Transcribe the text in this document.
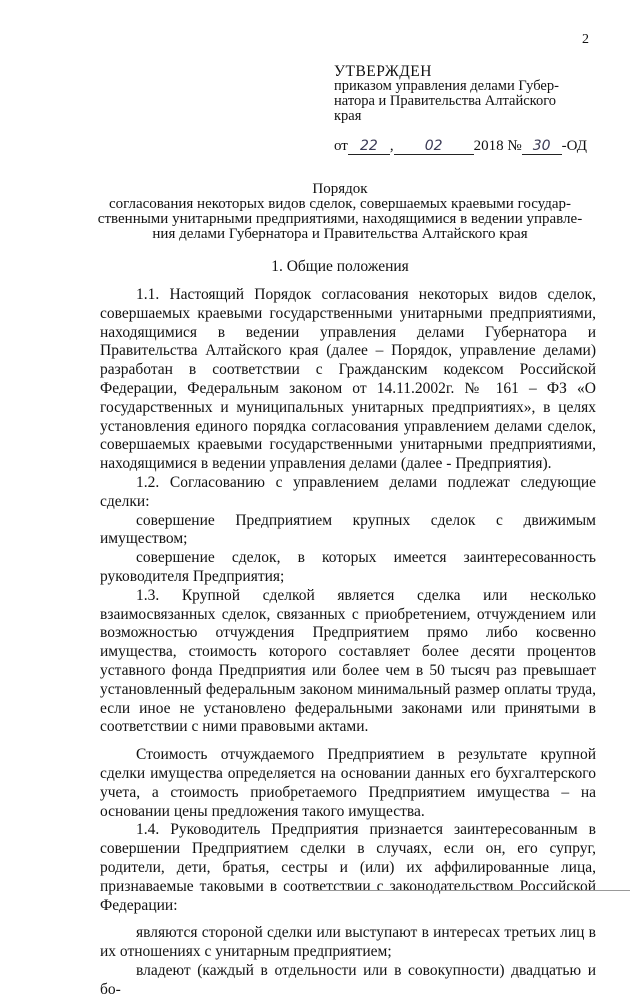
2
УТВЕРЖДЕН
приказом управления делами Губер-
натора и Правительства Алтайского
края
от 22 , 02 2018 № 30 -ОД
Порядок
согласования некоторых видов сделок, совершаемых краевыми государ-
ственными унитарными предприятиями, находящимися в ведении управле-
ния делами Губернатора и Правительства Алтайского края
1. Общие положения

1.1. Настоящий Порядок согласования некоторых видов сделок, совершаемых краевыми государственными унитарными предприятиями, находящимися в ведении управления делами Губернатора и Правительства Алтайского края (далее – Порядок, управление делами) разработан в соответствии с Гражданским кодексом Российской Федерации, Федеральным законом от 14.11.2002г. № 161 – ФЗ «О государственных и муниципальных унитарных предприятиях», в целях установления единого порядка согласования управлением делами сделок, совершаемых краевыми государственными унитарными предприятиями, находящимися в ведении управления делами (далее - Предприятия).

1.2. Согласованию с управлением делами подлежат следующие сделки:

совершение Предприятием крупных сделок с движимым имуществом;

совершение сделок, в которых имеется заинтересованность руководителя Предприятия;

1.3. Крупной сделкой является сделка или несколько взаимосвязанных сделок, связанных с приобретением, отчуждением или возможностью отчуждения Предприятием прямо либо косвенно имущества, стоимость которого составляет более десяти процентов уставного фонда Предприятия или более чем в 50 тысяч раз превышает установленный федеральным законом минимальный размер оплаты труда, если иное не установлено федеральными законами или принятыми в соответствии с ними правовыми актами.

Стоимость отчуждаемого Предприятием в результате крупной сделки имущества определяется на основании данных его бухгалтерского учета, а стоимость приобретаемого Предприятием имущества – на основании цены предложения такого имущества.

1.4. Руководитель Предприятия признается заинтересованным в совершении Предприятием сделки в случаях, если он, его супруг, родители, дети, братья, сестры и (или) их аффилированные лица, признаваемые таковыми в соответствии с законодательством Российской Федерации:

являются стороной сделки или выступают в интересах третьих лиц в их отношениях с унитарным предприятием;

владеют (каждый в отдельности или в совокупности) двадцатью и бо-
